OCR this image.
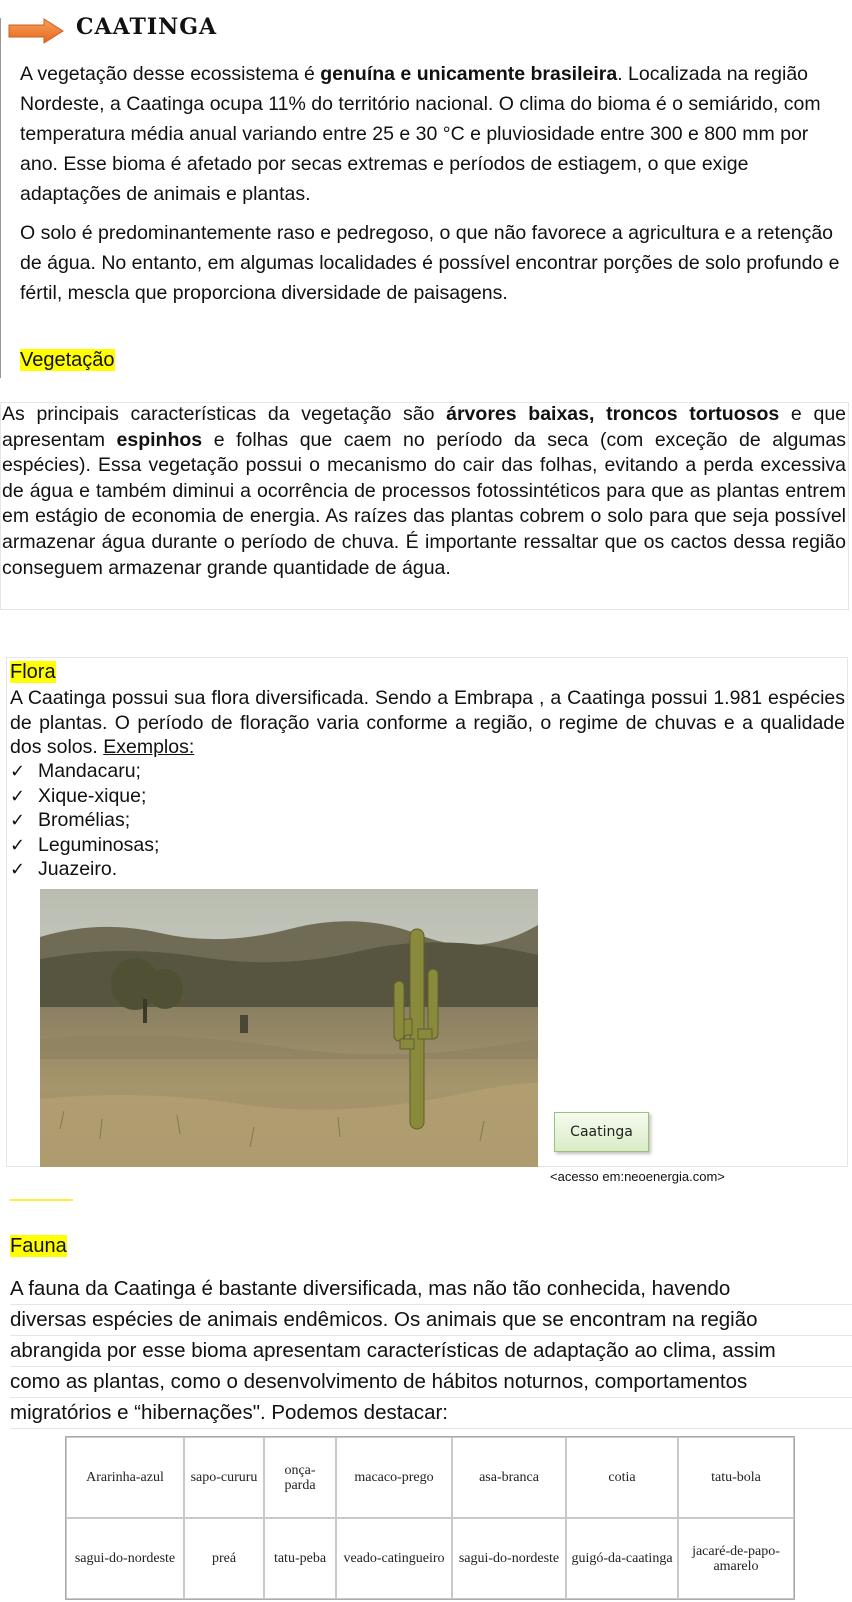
CAATINGA

A vegetação desse ecossistema é genuína e unicamente brasileira. Localizada na região Nordeste, a Caatinga ocupa 11% do território nacional. O clima do bioma é o semiárido, com temperatura média anual variando entre 25 e 30 °C e pluviosidade entre 300 e 800 mm por ano. Esse bioma é afetado por secas extremas e períodos de estiagem, o que exige adaptações de animais e plantas.

O solo é predominantemente raso e pedregoso, o que não favorece a agricultura e a retenção de água. No entanto, em algumas localidades é possível encontrar porções de solo profundo e fértil, mescla que proporciona diversidade de paisagens.

Vegetação
As principais características da vegetação são árvores baixas, troncos tortuosos e que apresentam espinhos e folhas que caem no período da seca (com exceção de algumas espécies). Essa vegetação possui o mecanismo do cair das folhas, evitando a perda excessiva de água e também diminui a ocorrência de processos fotossintéticos para que as plantas entrem em estágio de economia de energia. As raízes das plantas cobrem o solo para que seja possível armazenar água durante o período de chuva. É importante ressaltar que os cactos dessa região conseguem armazenar grande quantidade de água.
Flora
A Caatinga possui sua flora diversificada. Sendo a Embrapa , a Caatinga possui 1.981 espécies de plantas. O período de floração varia conforme a região, o regime de chuvas e a qualidade dos solos. Exemplos:
✓ Mandacaru;
✓ Xique-xique;
✓ Bromélias;
✓ Leguminosas;
✓ Juazeiro.
Caatinga
<acesso em:neoenergia.com>
Fauna
A fauna da Caatinga é bastante diversificada, mas não tão conhecida, havendo
diversas espécies de animais endêmicos. Os animais que se encontram na região
abrangida por esse bioma apresentam características de adaptação ao clima, assim
como as plantas, como o desenvolvimento de hábitos noturnos, comportamentos
migratórios e “hibernações". Podemos destacar:
Ararinha-azul	sapo-cururu	onça-parda	macaco-prego	asa-branca	cotia	tatu-bola
sagui-do-nordeste	preá	tatu-peba	veado-catingueiro	sagui-do-nordeste	guigó-da-caatinga	jacaré-de-papo-amarelo
